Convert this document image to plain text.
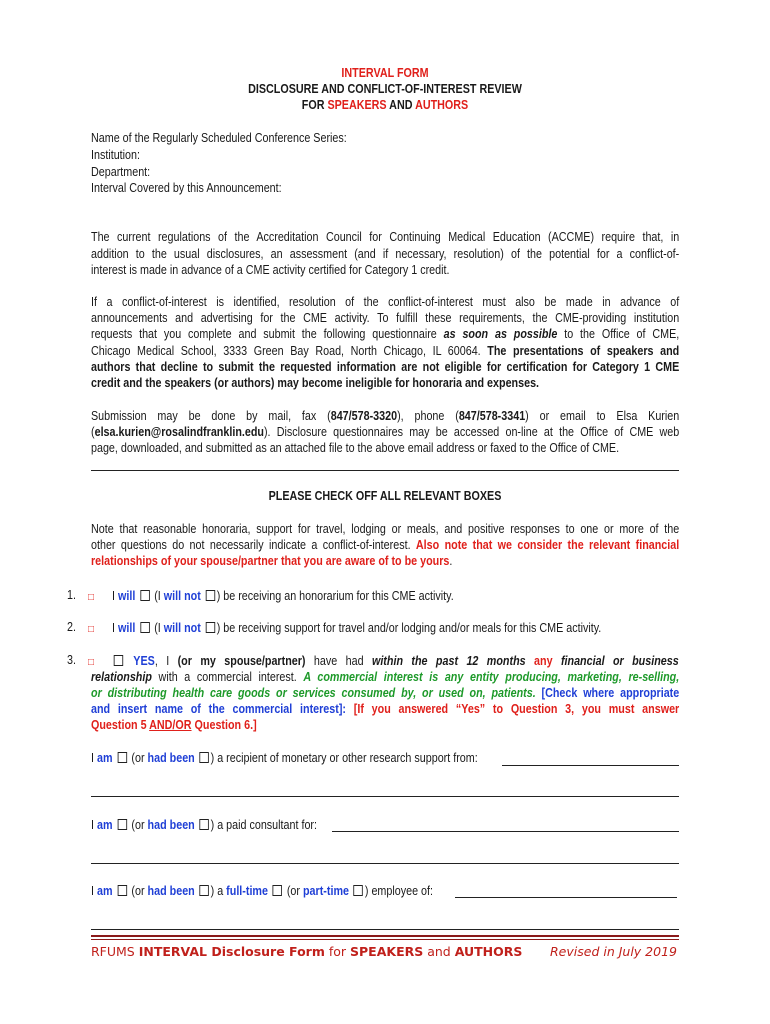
INTERVAL FORM
DISCLOSURE AND CONFLICT-OF-INTEREST REVIEW
FOR SPEAKERS AND AUTHORS
Name of the Regularly Scheduled Conference Series:
Institution:
Department:
Interval Covered by this Announcement:
The current regulations of the Accreditation Council for Continuing Medical Education (ACCME) require that, in
addition to the usual disclosures, an assessment (and if necessary, resolution) of the potential for a conflict-of-
interest is made in advance of a CME activity certified for Category 1 credit.
If a conflict-of-interest is identified, resolution of the conflict-of-interest must also be made in advance of
announcements and advertising for the CME activity. To fulfill these requirements, the CME-providing institution
requests that you complete and submit the following questionnaire as soon as possible to the Office of CME,
Chicago Medical School, 3333 Green Bay Road, North Chicago, IL 60064. The presentations of speakers and
authors that decline to submit the requested information are not eligible for certification for Category 1 CME
credit and the speakers (or authors) may become ineligible for honoraria and expenses.
Submission may be done by mail, fax (847/578-3320), phone (847/578-3341) or email to Elsa Kurien
(elsa.kurien@rosalindfranklin.edu). Disclosure questionnaires may be accessed on-line at the Office of CME web
page, downloaded, and submitted as an attached file to the above email address or faxed to the Office of CME.
PLEASE CHECK OFF ALL RELEVANT BOXES
Note that reasonable honoraria, support for travel, lodging or meals, and positive responses to one or more of the
other questions do not necessarily indicate a conflict-of-interest. Also note that we consider the relevant financial
relationships of your spouse/partner that you are aware of to be yours.
1. □ I will  (I will not ) be receiving an honorarium for this CME activity.
2. □ I will  (I will not ) be receiving support for travel and/or lodging and/or meals for this CME activity.
3. □	YES, I (or my spouse/partner) have had within the past 12 months any financial or business
relationship with a commercial interest. A commercial interest is any entity producing, marketing, re-selling,
or distributing health care goods or services consumed by, or used on, patients. [Check where appropriate
and insert name of the commercial interest]: [If you answered “Yes” to Question 3, you must answer
Question 5 AND/OR Question 6.]
I am  (or had been ) a recipient of monetary or other research support from:
I am  (or had been ) a paid consultant for:
I am  (or had been ) a full-time  (or part-time ) employee of:
RFUMS INTERVAL Disclosure Form for SPEAKERS and AUTHORS Revised in July 2019
